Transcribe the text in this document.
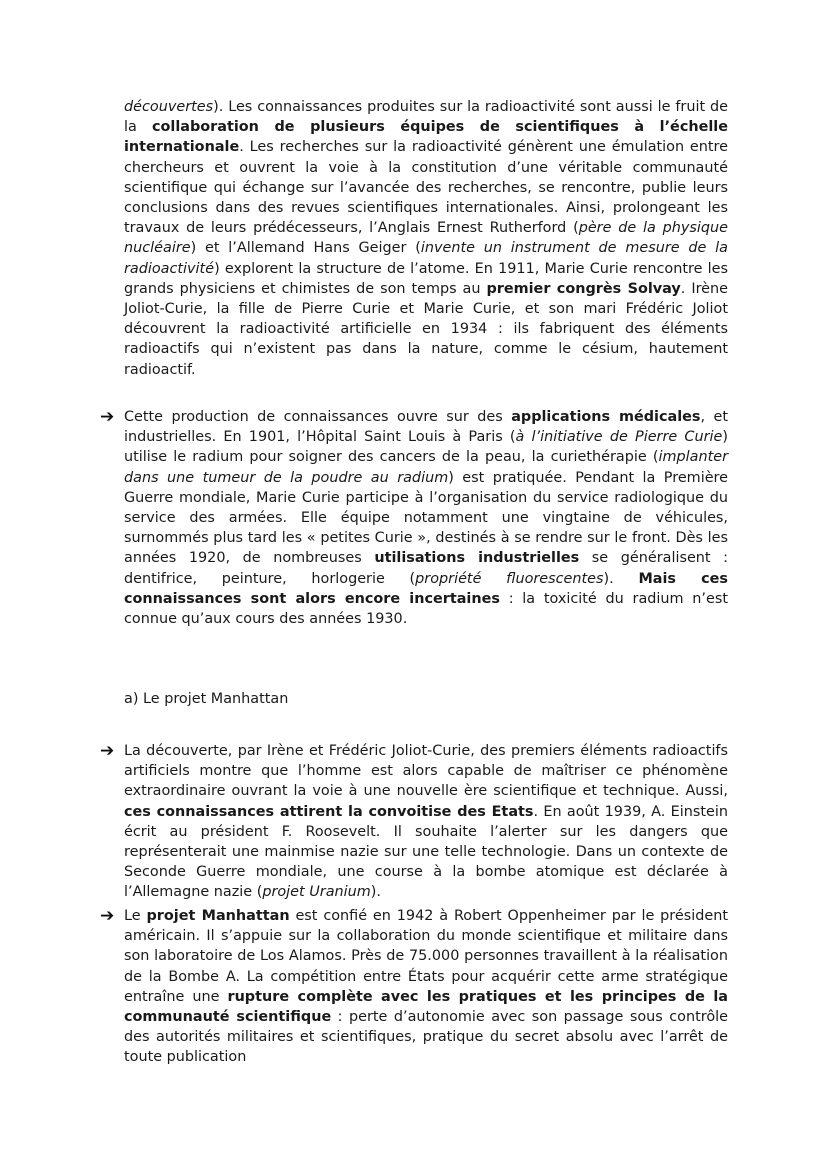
découvertes). Les connaissances produites sur la radioactivité sont aussi le fruit de la collaboration de plusieurs équipes de scientifiques à l’échelle internationale. Les recherches sur la radioactivité génèrent une émulation entre chercheurs et ouvrent la voie à la constitution d’une véritable communauté scientifique qui échange sur l’avancée des recherches, se rencontre, publie leurs conclusions dans des revues scientifiques internationales. Ainsi, prolongeant les travaux de leurs prédécesseurs, l’Anglais Ernest Rutherford (père de la physique nucléaire) et l’Allemand Hans Geiger (invente un instrument de mesure de la radioactivité) explorent la structure de l’atome. En 1911, Marie Curie rencontre les grands physiciens et chimistes de son temps au premier congrès Solvay. Irène Joliot-Curie, la fille de Pierre Curie et Marie Curie, et son mari Frédéric Joliot découvrent la radioactivité artificielle en 1934 : ils fabriquent des éléments radioactifs qui n’existent pas dans la nature, comme le césium, hautement radioactif.

➔ Cette production de connaissances ouvre sur des applications médicales, et industrielles. En 1901, l’Hôpital Saint Louis à Paris (à l’initiative de Pierre Curie) utilise le radium pour soigner des cancers de la peau, la curiethérapie (implanter dans une tumeur de la poudre au radium) est pratiquée. Pendant la Première Guerre mondiale, Marie Curie participe à l’organisation du service radiologique du service des armées. Elle équipe notamment une vingtaine de véhicules, surnommés plus tard les « petites Curie », destinés à se rendre sur le front. Dès les années 1920, de nombreuses utilisations industrielles se généralisent : dentifrice, peinture, horlogerie (propriété fluorescentes). Mais ces connaissances sont alors encore incertaines : la toxicité du radium n’est connue qu’aux cours des années 1930.

a) Le projet Manhattan

➔ La découverte, par Irène et Frédéric Joliot-Curie, des premiers éléments radioactifs artificiels montre que l’homme est alors capable de maîtriser ce phénomène extraordinaire ouvrant la voie à une nouvelle ère scientifique et technique. Aussi, ces connaissances attirent la convoitise des Etats. En août 1939, A. Einstein écrit au président F. Roosevelt. Il souhaite l’alerter sur les dangers que représenterait une mainmise nazie sur une telle technologie. Dans un contexte de Seconde Guerre mondiale, une course à la bombe atomique est déclarée à l’Allemagne nazie (projet Uranium).

➔ Le projet Manhattan est confié en 1942 à Robert Oppenheimer par le président américain. Il s’appuie sur la collaboration du monde scientifique et militaire dans son laboratoire de Los Alamos. Près de 75.000 personnes travaillent à la réalisation de la Bombe A. La compétition entre États pour acquérir cette arme stratégique entraîne une rupture complète avec les pratiques et les principes de la communauté scientifique : perte d’autonomie avec son passage sous contrôle des autorités militaires et scientifiques, pratique du secret absolu avec l’arrêt de toute publication
